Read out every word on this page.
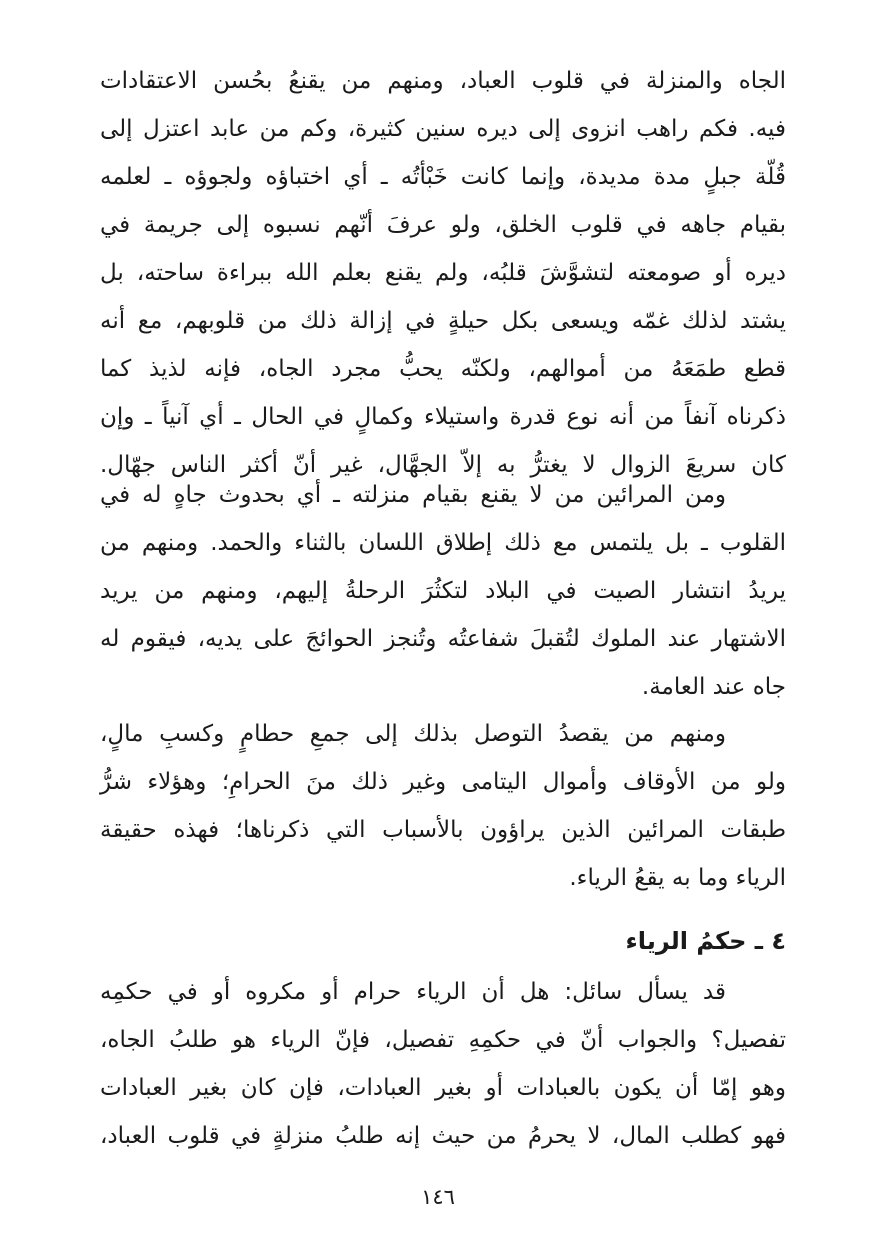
الجاه والمنزلة في قلوب العباد، ومنهم من يقنعُ بحُسن الاعتقادات
فيه. فكم راهب انزوى إلى ديره سنين كثيرة، وكم من عابد اعتزل إلى
قُلّة جبلٍ مدة مديدة، وإنما كانت خَبْأتُه ـ أي اختباؤه ولجوؤه ـ لعلمه
بقيام جاهه في قلوب الخلق، ولو عرفَ أنّهم نسبوه إلى جريمة في
ديره أو صومعته لتشوَّشَ قلبُه، ولم يقنع بعلم الله ببراءة ساحته، بل
يشتد لذلك غمّه ويسعى بكل حيلةٍ في إزالة ذلك من قلوبهم، مع أنه
قطع طمَعَهُ من أموالهم، ولكنّه يحبُّ مجرد الجاه، فإنه لذيذ كما
ذكرناه آنفاً من أنه نوع قدرة واستيلاء وكمالٍ في الحال ـ أي آنياً ـ وإن
كان سريعَ الزوال لا يغترُّ به إلاّ الجهَّال، غير أنّ أكثر الناس جهّال.
ومن المرائين من لا يقنع بقيام منزلته ـ أي بحدوث جاهٍ له في
القلوب ـ بل يلتمس مع ذلك إطلاق اللسان بالثناء والحمد. ومنهم من
يريدُ انتشار الصيت في البلاد لتكثُرَ الرحلةُ إليهم، ومنهم من يريد
الاشتهار عند الملوك لتُقبلَ شفاعتُه وتُنجز الحوائجَ على يديه، فيقوم له
جاه عند العامة.
ومنهم من يقصدُ التوصل بذلك إلى جمعِ حطامٍ وكسبِ مالٍ،
ولو من الأوقاف وأموال اليتامى وغير ذلك منَ الحرامِ؛ وهؤلاء شرُّ
طبقات المرائين الذين يراؤون بالأسباب التي ذكرناها؛ فهذه حقيقة
الرياء وما به يقعُ الرياء.
٤ ـ حكمُ الرياء
قد يسأل سائل: هل أن الرياء حرام أو مكروه أو في حكمِه
تفصيل؟ والجواب أنّ في حكمِهِ تفصيل، فإنّ الرياء هو طلبُ الجاه،
وهو إمّا أن يكون بالعبادات أو بغير العبادات، فإن كان بغير العبادات
فهو كطلب المال، لا يحرمُ من حيث إنه طلبُ منزلةٍ في قلوب العباد،
١٤٦
